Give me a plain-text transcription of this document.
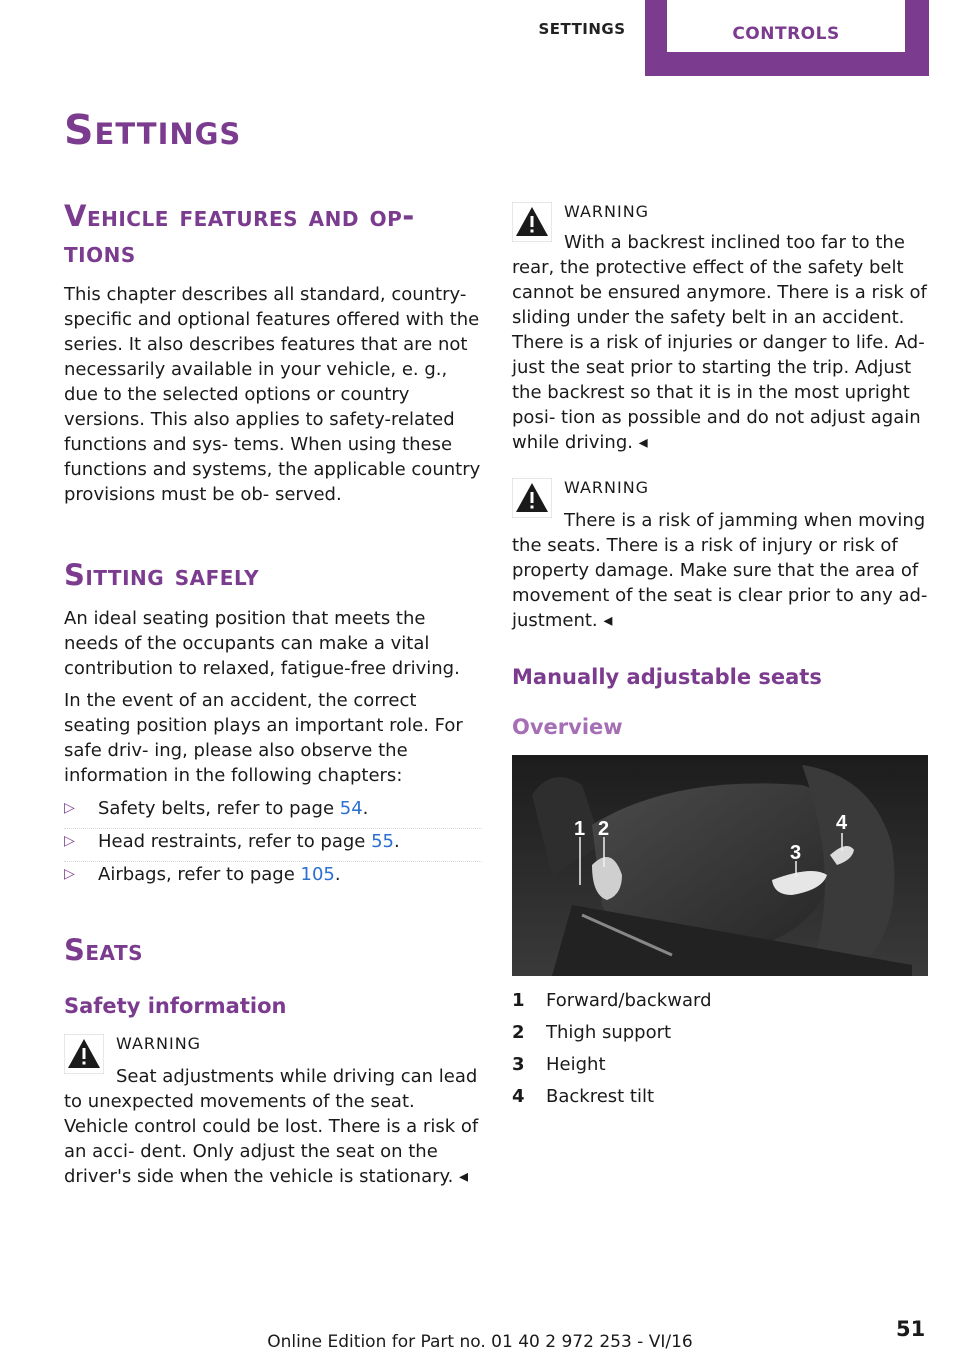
SETTINGS	CONTROLS
Settings
Vehicle features and op‐ tions

This chapter describes all standard, country-specific and optional features offered with the series. It also describes features that are not necessarily available in your vehicle, e. g., due to the selected options or country versions. This also applies to safety-related functions and sys‐ tems. When using these functions and systems, the applicable country provisions must be ob‐ served.

Sitting safely

An ideal seating position that meets the needs of the occupants can make a vital contribution to relaxed, fatigue-free driving.

In the event of an accident, the correct seating position plays an important role. For safe driv‐ ing, please also observe the information in the following chapters:

▷ Safety belts, refer to page 54.
▷ Head restraints, refer to page 55.
▷ Airbags, refer to page 105.
Seats
Safety information
WARNING

Seat adjustments while driving can lead to unexpected movements of the seat. Vehicle control could be lost. There is a risk of an acci‐ dent. Only adjust the seat on the driver's side when the vehicle is stationary. ◂

WARNING

With a backrest inclined too far to the rear, the protective effect of the safety belt cannot be ensured anymore. There is a risk of sliding under the safety belt in an accident. There is a risk of injuries or danger to life. Ad‐ just the seat prior to starting the trip. Adjust the backrest so that it is in the most upright posi‐ tion as possible and do not adjust again while driving. ◂

WARNING

There is a risk of jamming when moving the seats. There is a risk of injury or risk of property damage. Make sure that the area of movement of the seat is clear prior to any ad‐ justment. ◂

Manually adjustable seats
Overview
1 2
3
4
1 Forward/backward
2 Thigh support
3 Height
4 Backrest tilt
51
Online Edition for Part no. 01 40 2 972 253 - VI/16
